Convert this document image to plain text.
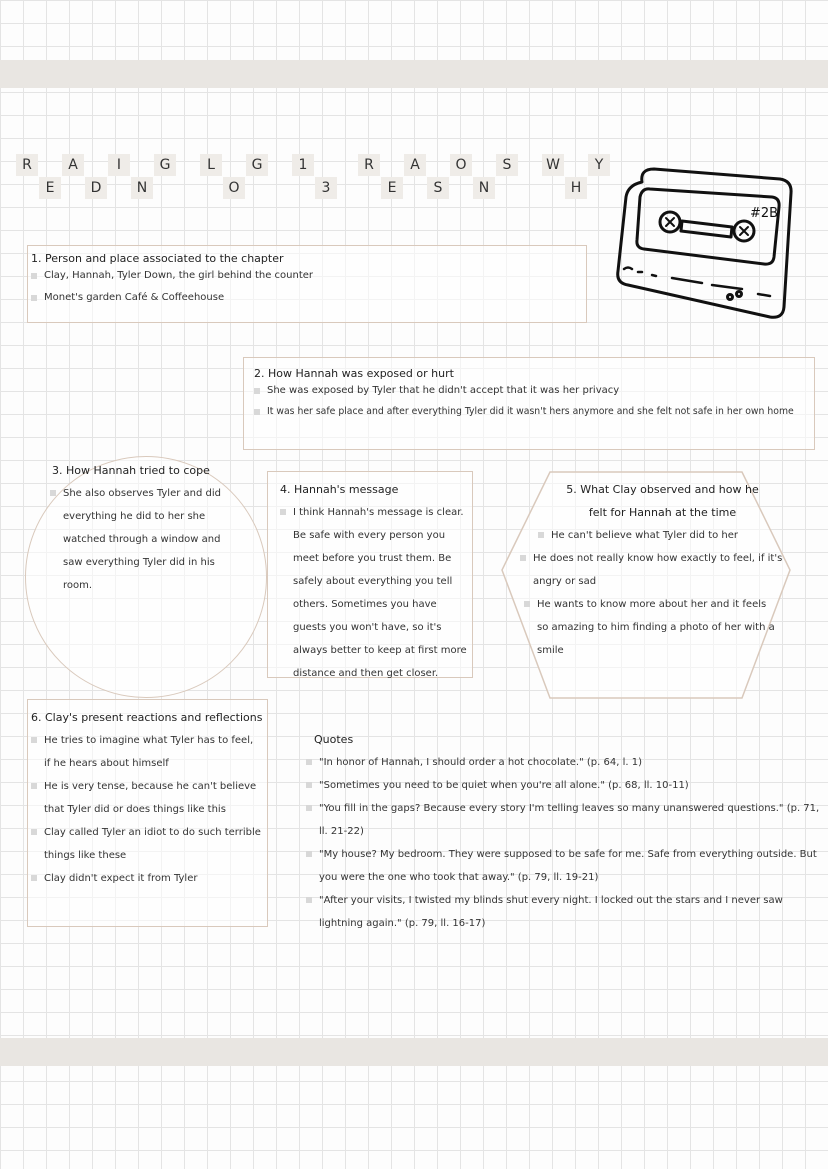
R	A	I	G	L	G	1	R	A	O	S	W	Y
E	D	N	O	3	E	S	N	H
#2B
1. Person and place associated to the chapter
Clay, Hannah, Tyler Down, the girl behind the counter
Monet's garden Café & Coffeehouse
2. How Hannah was exposed or hurt
She was exposed by Tyler that he didn't accept that it was her privacy
It was her safe place and after everything Tyler did it wasn't hers anymore and she felt not safe in her own home
3. How Hannah tried to cope
She also observes Tyler and did everything he did to her she watched through a window and saw everything Tyler did in his room.
4. Hannah's message
I think Hannah's message is clear. Be safe with every person you meet before you trust them. Be safely about everything you tell others. Sometimes you have guests you won't have, so it's always better to keep at first more distance and then get closer.
5. What Clay observed and how he
felt for Hannah at the time
He can't believe what Tyler did to her
He does not really know how exactly to feel, if it's angry or sad
He wants to know more about her and it feels so amazing to him finding a photo of her with a smile
6. Clay's present reactions and reflections
He tries to imagine what Tyler has to feel, if he hears about himself
He is very tense, because he can't believe that Tyler did or does things like this
Clay called Tyler an idiot to do such terrible things like these
Clay didn't expect it from Tyler
Quotes
"In honor of Hannah, I should order a hot chocolate." (p. 64, l. 1)
"Sometimes you need to be quiet when you're all alone." (p. 68, ll. 10-11)
"You fill in the gaps? Because every story I'm telling leaves so many unanswered questions." (p. 71, ll. 21-22)
"My house? My bedroom. They were supposed to be safe for me. Safe from everything outside. But you were the one who took that away." (p. 79, ll. 19-21)
"After your visits, I twisted my blinds shut every night. I locked out the stars and I never saw lightning again." (p. 79, ll. 16-17)
